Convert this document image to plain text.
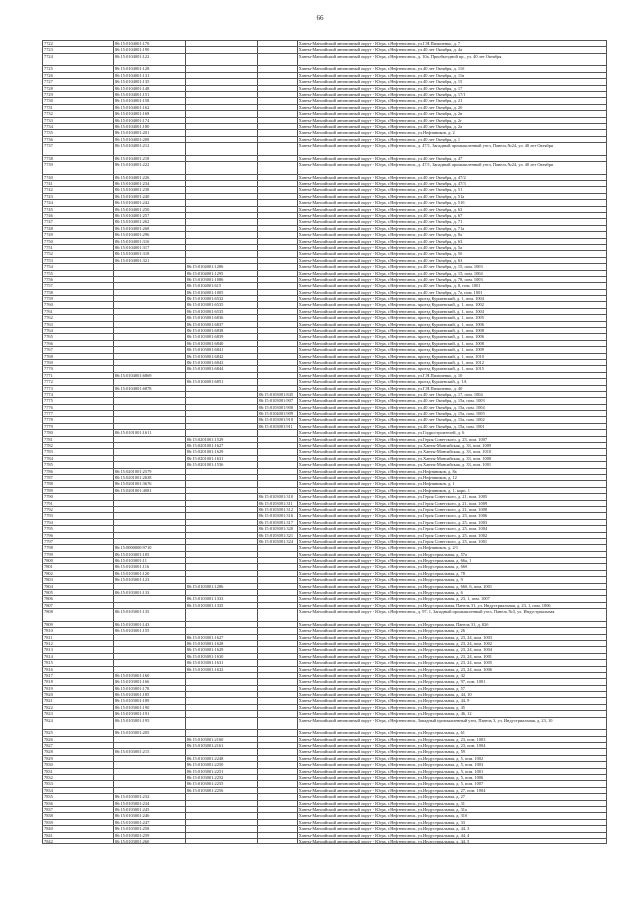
66
7722	86:15:0104001:170	Ханты-Мансийский автономный округ - Югра, г.Нефтеюганск, ул.Г.Н.Пилипенко, д. 7
7723	86:15:0104001:190	Ханты-Мансийский автономный округ - Югра, г.Нефтеюганск, ул.40 лет Октября, д. 4а
7724	86:15:0104001:122	Ханты-Мансийский автономный округ - Югра, г.Нефтеюганск, д. 10а, Приобъездной пр., ул. 40 лет Октября
7725	86:15:0104001:128	Ханты-Мансийский автономный округ - Югра, г.Нефтеюганск, ул.40 лет Октября, д. 11б
7726	86:15:0104001:131	Ханты-Мансийский автономный округ - Югра, г.Нефтеюганск, ул.40 лет Октября, д. 11в
7727	86:15:0104001:135	Ханты-Мансийский автономный округ - Югра, г.Нефтеюганск, ул.40 лет Октября, д. 15
7728	86:15:0104001:148	Ханты-Мансийский автономный округ - Югра, г.Нефтеюганск, ул.40 лет Октября, д. 17
7729	86:15:0104001:151	Ханты-Мансийский автономный округ - Югра, г.Нефтеюганск, ул.40 лет Октября, д. 17/1
7730	86:15:0104001:158	Ханты-Мансийский автономный округ - Югра, г.Нефтеюганск, ул.40 лет Октября, д. 21
7731	86:15:0104001:162	Ханты-Мансийский автономный округ - Югра, г.Нефтеюганск, ул.40 лет Октября, д. 2б
7732	86:15:0104001:168	Ханты-Мансийский автономный округ - Югра, г.Нефтеюганск, ул.40 лет Октября, д. 2в
7733	86:15:0104001:174	Ханты-Мансийский автономный округ - Югра, г.Нефтеюганск, ул.40 лет Октября, д. 2г
7734	86:15:0104001:180	Ханты-Мансийский автономный округ - Югра, г.Нефтеюганск, ул.40 лет Октября, д. 2а
7735	86:15:0104001:201	Ханты-Мансийский автономный округ - Югра, г.Нефтеюганск, ул.Нефтяников, д. 2
7736	86:15:0104001:208	Ханты-Мансийский автономный округ - Югра, г.Нефтеюганск, ул.40 лет Октября, д. 1
7737	86:15:0104001:212	Ханты-Мансийский автономный округ - Югра, г.Нефтеюганск, д. 47/1, Западный промышленный узел, Панель №24, ул. 40 лет Октября
7738	86:15:0104001:218	Ханты-Мансийский автономный округ - Югра, г.Нефтеюганск, ул.40 лет Октября, д. 47
7739	86:15:0104001:222	Ханты-Мансийский автономный округ - Югра, г.Нефтеюганск, д. 47/1, Западный промышленный узел, Панель №24, ул. 40 лет Октября
7740	86:15:0104001:226	Ханты-Мансийский автономный округ - Югра, г.Нефтеюганск, ул.40 лет Октября, д. 47/2
7741	86:15:0104001:234	Ханты-Мансийский автономный округ - Югра, г.Нефтеюганск, ул.40 лет Октября, д. 47/3
7742	86:15:0104001:238	Ханты-Мансийский автономный округ - Югра, г.Нефтеюганск, ул.40 лет Октября, д. 51
7743	86:15:0104001:240	Ханты-Мансийский автономный округ - Югра, г.Нефтеюганск, ул.40 лет Октября, д. 51а
7744	86:15:0104001:242	Ханты-Мансийский автономный округ - Югра, г.Нефтеюганск, ул.40 лет Октября, д. 51б
7745	86:15:0104001:250	Ханты-Мансийский автономный округ - Югра, г.Нефтеюганск, ул.40 лет Октября, д. 63
7746	86:15:0104001:257	Ханты-Мансийский автономный округ - Югра, г.Нефтеюганск, ул.40 лет Октября, д. 67
7747	86:15:0104001:262	Ханты-Мансийский автономный округ - Югра, г.Нефтеюганск, ул.40 лет Октября, д. 71
7748	86:15:0104001:268	Ханты-Мансийский автономный округ - Югра, г.Нефтеюганск, ул.40 лет Октября, д. 71а
7749	86:15:0104001:296	Ханты-Мансийский автономный округ - Югра, г.Нефтеюганск, ул.40 лет Октября, д. 8а
7750	86:15:0104001:316	Ханты-Мансийский автономный округ - Югра, г.Нефтеюганск, ул.40 лет Октября, д. 63
7751	86:15:0104001:317	Ханты-Мансийский автономный округ - Югра, г.Нефтеюганск, ул.40 лет Октября, д. 5а
7752	86:15:0104001:318	Ханты-Мансийский автономный округ - Югра, г.Нефтеюганск, ул.40 лет Октября, д. 5б
7753	86:15:0104001:321	Ханты-Мансийский автономный округ - Югра, г.Нефтеюганск, ул.40 лет Октября, д. 63
7754	86:15:0104001:1286	Ханты-Мансийский автономный округ - Югра, г.Нефтеюганск, ул.40 лет Октября, д. 15, пом. 1003
7755	86:15:0104001:1295	Ханты-Мансийский автономный округ - Югра, г.Нефтеюганск, ул.40 лет Октября, д. 15, пом. 1004
7756	86:15:0103001:1086	Ханты-Мансийский автономный округ - Югра, г.Нефтеюганск, ул.40 лет Октября, д. 78, пом. 1003
7757	86:15:0104001:615	Ханты-Мансийский автономный округ - Югра, г.Нефтеюганск, ул.40 лет Октября, д. 8, пом. 1001
7758	86:15:0104001:1005	Ханты-Мансийский автономный округ - Югра, г.Нефтеюганск, ул.40 лет Октября, д. 7а, пом. 1001
7759	86:15:0103001:6532	Ханты-Мансийский автономный округ - Югра, г.Нефтеюганск, проезд Куршевский, д. 1, пом. 1004
7760	86:15:0103001:6535	Ханты-Мансийский автономный округ - Югра, г.Нефтеюганск, проезд Куршевский, д. 1, пом. 1002
7761	86:15:0103001:6535	Ханты-Мансийский автономный округ - Югра, г.Нефтеюганск, проезд Куршевский, д. 1, пом. 1004
7762	86:15:0103001:6836	Ханты-Мансийский автономный округ - Югра, г.Нефтеюганск, проезд Куршевский, д. 1, пом. 1005
7763	86:15:0103001:6837	Ханты-Мансийский автономный округ - Югра, г.Нефтеюганск, проезд Куршевский, д. 1, пом. 1006
7764	86:15:0103001:6838	Ханты-Мансийский автономный округ - Югра, г.Нефтеюганск, проезд Куршевский, д. 1, пом. 1008
7765	86:15:0103001:6839	Ханты-Мансийский автономный округ - Югра, г.Нефтеюганск, проезд Куршевский, д. 1, пом. 1006
7766	86:15:0103001:6840	Ханты-Мансийский автономный округ - Югра, г.Нефтеюганск, проезд Куршевский, д. 1, пом. 1008
7767	86:15:0103001:6841	Ханты-Мансийский автономный округ - Югра, г.Нефтеюганск, проезд Куршевский, д. 1, пом. 1009
7768	86:15:0103001:6842	Ханты-Мансийский автономный округ - Югра, г.Нефтеюганск, проезд Куршевский, д. 1, пом. 1010
7769	86:15:0103001:6843	Ханты-Мансийский автономный округ - Югра, г.Нефтеюганск, проезд Куршевский, д. 1, пом. 1012
7770	86:15:0103001:6844	Ханты-Мансийский автономный округ - Югра, г.Нефтеюганск, проезд Куршевский, д. 1, пом. 1015
7771	86:15:0104001:6869	Ханты-Мансийский автономный округ - Югра, г.Нефтеюганск, ул.Г.Н.Пилипенко, д. 10
7772	86:15:0104001:6851	Ханты-Мансийский автономный округ - Югра, г.Нефтеюганск, проезд Куршевский, д. 1А
7773	86:15:0104001:6878	Ханты-Мансийский автономный округ - Югра, г.Нефтеюганск, ул.Г.Н.Пилипенко, д. 40
7774	86:15:0103001:845	Ханты-Мансийский автономный округ - Югра, г.Нефтеюганск, ул.40 лет Октября, д. 17, пом. 1004
7775	86:15:0103001:907	Ханты-Мансийский автономный округ - Югра, г.Нефтеюганск, ул.40 лет Октября, д. 15а, пом. 1003
7776	86:15:0103001:908	Ханты-Мансийский автономный округ - Югра, г.Нефтеюганск, ул.40 лет Октября, д. 15а, пом. 1004
7777	86:15:0104001:909	Ханты-Мансийский автономный округ - Югра, г.Нефтеюганск, ул.40 лет Октября, д. 15а, пом. 1005
7778	86:15:0103001:910	Ханты-Мансийский автономный округ - Югра, г.Нефтеюганск, ул.40 лет Октября, д. 15а, пом. 1002
7779	86:15:0103001:911	Ханты-Мансийский автономный округ - Югра, г.Нефтеюганск, ул.40 лет Октября, д. 15а, пом. 1001
7780	86:15:0101001:1611	Ханты-Мансийский автономный округ - Югра, г.Нефтеюганск, ул.Гидростроителей, д. 6
7781	86:15:0201001:1529	Ханты-Мансийский автономный округ - Югра, г.Нефтеюганск, ул.Героя Советского, д. 25, пом. 1007
7782	86:15:0201001:1627	Ханты-Мансийский автономный округ - Югра, г.Нефтеюганск, ул.Ханты-Мансийская, д. 33, пом. 1009
7783	86:15:0201001:1629	Ханты-Мансийский автономный округ - Югра, г.Нефтеюганск, ул.Ханты-Мансийская, д. 33, пом. 1010
7784	86:15:0201001:1631	Ханты-Мансийский автономный округ - Югра, г.Нефтеюганск, ул.Ханты-Мансийская, д. 33, пом. 1008
7785	86:15:0201001:1536	Ханты-Мансийский автономный округ - Югра, г.Нефтеюганск, ул.Ханты-Мансийская, д. 33, пом. 1001
7786	86:15:0201001:2579	Ханты-Мансийский автономный округ - Югра, г.Нефтеюганск, ул.Нефтяников, д. 8а
7787	86:15:0201001:2638	Ханты-Мансийский автономный округ - Югра, г.Нефтеюганск, ул.Нефтяников, д. 12
7788	86:15:0201001:3676	Ханты-Мансийский автономный округ - Югра, г.Нефтеюганск, ул.Нефтяников, д. 1
7789	86:15:0201001:4081	Ханты-Мансийский автономный округ - Югра, г.Нефтеюганск, ул.Нефтяников, д. 1, корп. 1
7790	86:15:0103001:310	Ханты-Мансийский автономный округ - Югра, г.Нефтеюганск, ул.Героя Советского, д. 21, пом. 1005
7791	86:15:0103001:311	Ханты-Мансийский автономный округ - Югра, г.Нефтеюганск, ул.Героя Советского, д. 21, пом. 1009
7792	86:15:0103001:312	Ханты-Мансийский автономный округ - Югра, г.Нефтеюганск, ул.Героя Советского, д. 21, пом. 1008
7793	86:15:0103001:316	Ханты-Мансийский автономный округ - Югра, г.Нефтеюганск, ул.Героя Советского, д. 25, пом. 1006
7794	86:15:0103001:317	Ханты-Мансийский автономный округ - Югра, г.Нефтеюганск, ул.Героя Советского, д. 25, пом. 1003
7795	86:15:0103001:320	Ханты-Мансийский автономный округ - Югра, г.Нефтеюганск, ул.Героя Советского, д. 25, пом. 1004
7796	86:15:0103001:321	Ханты-Мансийский автономный округ - Югра, г.Нефтеюганск, ул.Героя Советского, д. 25, пом. 1002
7797	86:15:0103001:324	Ханты-Мансийский автономный округ - Югра, г.Нефтеюганск, ул.Героя Советского, д. 25, пом. 1001
7798	86:15:0000000:9710	Ханты-Мансийский автономный округ - Югра, г.Нефтеюганск, ул.Нефтяников, д. 2/1
7799	86:15:0103001:105	Ханты-Мансийский автономный округ - Югра, г.Нефтеюганск, ул.Индустриальная, д. 57а
7800	86:15:0103001:11	Ханты-Мансийский автономный округ - Югра, г.Нефтеюганск, ул.Индустриальная, д. 66а, 1
7801	86:15:0103001:116	Ханты-Мансийский автономный округ - Югра, г.Нефтеюганск, ул.Индустриальная, д. 66б
7802	86:15:0103001:120	Ханты-Мансийский автономный округ - Югра, г.Нефтеюганск, ул.Индустриальная, д. 78
7803	86:15:0103001:123	Ханты-Мансийский автономный округ - Югра, г.Нефтеюганск, ул.Индустриальная, д. 9
7804	86:15:0103001:1286	Ханты-Мансийский автономный округ - Югра, г.Нефтеюганск, ул.Индустриальная, д. 66б, 6, пом. 1001
7805	86:15:0103001:133	Ханты-Мансийский автономный округ - Югра, г.Нефтеюганск, ул.Индустриальная, д. 6
7806	86:15:0103001:1333	Ханты-Мансийский автономный округ - Югра, г.Нефтеюганск, ул.Индустриальная, д. 23, 1, пом. 1007
7807	86:15:0103001:1335	Ханты-Мансийский автономный округ - Югра, г.Нефтеюганск, ул.Индустриальная, Панель 31, ул. Индустриальная, д. 23, 1, пом. 1006
7808	86:15:0103001:135	Ханты-Мансийский автономный округ - Югра, г.Нефтеюганск, д. 97, 1, Западный промышленный узел, Панель №3, ул. Индустриальная
7809	86:15:0103001:143	Ханты-Мансийский автономный округ - Югра, г.Нефтеюганск, ул.Индустриальная, Панель 31, д. 82б
7810	86:15:0103001:155	Ханты-Мансийский автономный округ - Югра, г.Нефтеюганск, ул.Индустриальная, д. 26
7811	86:15:0103001:1627	Ханты-Мансийский автономный округ - Югра, г.Нефтеюганск, ул.Индустриальная, д. 23, 24, пом. 1003
7812	86:15:0103001:1628	Ханты-Мансийский автономный округ - Югра, г.Нефтеюганск, ул.Индустриальная, д. 23, 24, пом. 1002
7813	86:15:0103001:1629	Ханты-Мансийский автономный округ - Югра, г.Нефтеюганск, ул.Индустриальная, д. 23, 24, пом. 1004
7814	86:15:0103001:1630	Ханты-Мансийский автономный округ - Югра, г.Нефтеюганск, ул.Индустриальная, д. 23, 24, пом. 1001
7815	86:15:0103001:1631	Ханты-Мансийский автономный округ - Югра, г.Нефтеюганск, ул.Индустриальная, д. 23, 24, пом. 1005
7816	86:15:0103001:1632	Ханты-Мансийский автономный округ - Югра, г.Нефтеюганск, ул.Индустриальная, д. 23, 24, пом. 1006
7817	86:15:0103001:160	Ханты-Мансийский автономный округ - Югра, г.Нефтеюганск, ул.Индустриальная, д. 42
7818	86:15:0103001:166	Ханты-Мансийский автономный округ - Югра, г.Нефтеюганск, ул.Индустриальная, д. 97, пом. 1001
7819	86:15:0103001:178	Ханты-Мансийский автономный округ - Югра, г.Нефтеюганск, ул.Индустриальная, д. 57
7820	86:15:0103001:185	Ханты-Мансийский автономный округ - Югра, г.Нефтеюганск, ул.Индустриальная, д. 44, 10
7821	86:15:0103001:189	Ханты-Мансийский автономный округ - Югра, г.Нефтеюганск, ул.Индустриальная, д. 44, 9
7822	86:15:0103001:190	Ханты-Мансийский автономный округ - Югра, г.Нефтеюганск, ул.Индустриальная, д. 45
7823	86:15:0103001:191	Ханты-Мансийский автономный округ - Югра, г.Нефтеюганск, ул.Индустриальная, д. 46, 12
7824	86:15:0103001:195	Ханты-Мансийский автономный округ - Югра, г.Нефтеюганск, Западный промышленный узел, Панель 3, ул. Индустриальная, д. 23, 10
7825	86:15:0103001:205	Ханты-Мансийский автономный округ - Югра, г.Нефтеюганск, ул.Индустриальная, д. 61
7826	86:15:0103001:2160	Ханты-Мансийский автономный округ - Югра, г.Нефтеюганск, ул.Индустриальная, д. 23, пом. 1003
7827	86:15:0103001:2161	Ханты-Мансийский автономный округ - Югра, г.Нефтеюганск, ул.Индустриальная, д. 23, пом. 1004
7828	86:15:0103001:215	Ханты-Мансийский автономный округ - Югра, г.Нефтеюганск, ул.Индустриальная, д. 59
7829	86:15:0103001:2248	Ханты-Мансийский автономный округ - Югра, г.Нефтеюганск, ул.Индустриальная, д. 5, пом. 1002
7830	86:15:0103001:2250	Ханты-Мансийский автономный округ - Югра, г.Нефтеюганск, ул.Индустриальная, д. 5, пом. 1003
7831	86:15:0103001:2251	Ханты-Мансийский автономный округ - Югра, г.Нефтеюганск, ул.Индустриальная, д. 5, пом. 1001
7832	86:15:0103001:2252	Ханты-Мансийский автономный округ - Югра, г.Нефтеюганск, ул.Индустриальная, д. 5, пом. 1006
7833	86:15:0103001:2255	Ханты-Мансийский автономный округ - Югра, г.Нефтеюганск, ул.Индустриальная, д. 5, пом. 1007
7834	86:15:0103001:2256	Ханты-Мансийский автономный округ - Югра, г.Нефтеюганск, ул.Индустриальная, д. 27, пом. 1004
7835	86:15:0103001:232	Ханты-Мансийский автономный округ - Югра, г.Нефтеюганск, ул.Индустриальная, д. 27
7836	86:15:0103001:234	Ханты-Мансийский автономный округ - Югра, г.Нефтеюганск, ул.Индустриальная, д. 31
7837	86:15:0103001:245	Ханты-Мансийский автономный округ - Югра, г.Нефтеюганск, ул.Индустриальная, д. 31а
7838	86:15:0103001:246	Ханты-Мансийский автономный округ - Югра, г.Нефтеюганск, ул.Индустриальная, д. 31б
7839	86:15:0103001:247	Ханты-Мансийский автономный округ - Югра, г.Нефтеюганск, ул.Индустриальная, д. 33
7840	86:15:0103001:258	Ханты-Мансийский автономный округ - Югра, г.Нефтеюганск, ул.Индустриальная, д. 44, 3
7841	86:15:0103001:259	Ханты-Мансийский автономный округ - Югра, г.Нефтеюганск, ул.Индустриальная, д. 44, 4
7842	86:15:0103001:260	Ханты-Мансийский автономный округ - Югра, г.Нефтеюганск, ул.Индустриальная, д. 44, 5
